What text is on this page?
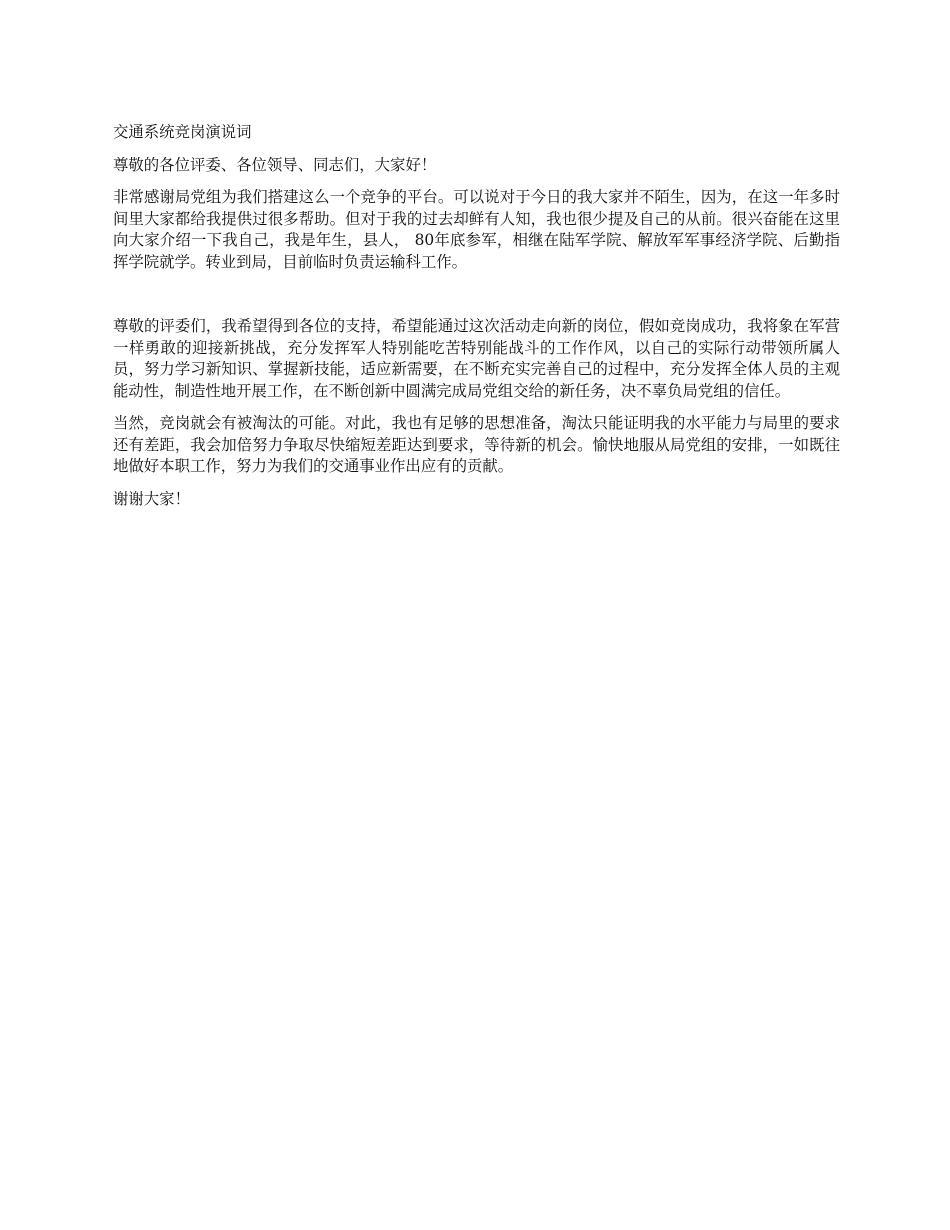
交通系统竞岗演说词

尊敬的各位评委、各位领导、同志们，大家好！

非常感谢局党组为我们搭建这么一个竞争的平台。可以说对于今日的我大家并不陌生，因为，在这一年多时间里大家都给我提供过很多帮助。但对于我的过去却鲜有人知，我也很少提及自己的从前。很兴奋能在这里向大家介绍一下我自己，我是年生，县人， 80年底参军，相继在陆军学院、解放军军事经济学院、后勤指挥学院就学。转业到局，目前临时负责运输科工作。

尊敬的评委们，我希望得到各位的支持，希望能通过这次活动走向新的岗位，假如竞岗成功，我将象在军营一样勇敢的迎接新挑战，充分发挥军人特别能吃苦特别能战斗的工作作风，以自己的实际行动带领所属人员，努力学习新知识、掌握新技能，适应新需要，在不断充实完善自己的过程中，充分发挥全体人员的主观能动性，制造性地开展工作，在不断创新中圆满完成局党组交给的新任务，决不辜负局党组的信任。

当然，竞岗就会有被淘汰的可能。对此，我也有足够的思想准备，淘汰只能证明我的水平能力与局里的要求还有差距，我会加倍努力争取尽快缩短差距达到要求，等待新的机会。愉快地服从局党组的安排，一如既往地做好本职工作，努力为我们的交通事业作出应有的贡献。

谢谢大家！
